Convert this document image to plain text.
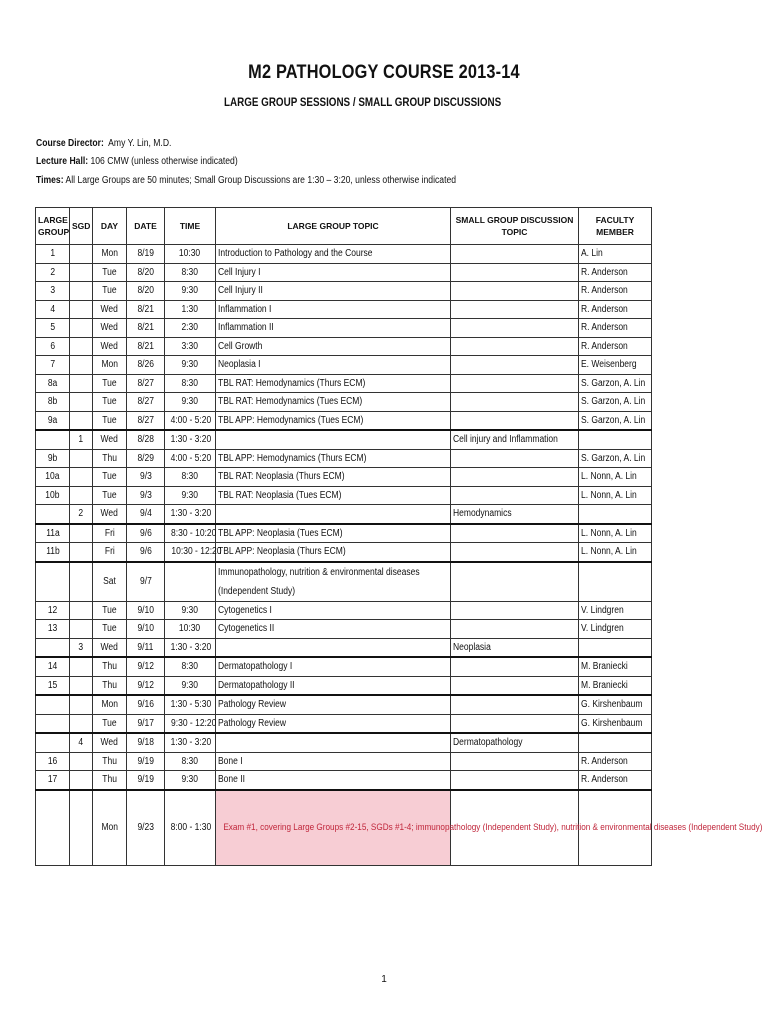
M2 PATHOLOGY COURSE 2013-14
LARGE GROUP SESSIONS / SMALL GROUP DISCUSSIONS
Course Director: Amy Y. Lin, M.D.
Lecture Hall: 106 CMW (unless otherwise indicated)
Times: All Large Groups are 50 minutes; Small Group Discussions are 1:30 – 3:20, unless otherwise indicated
LARGE GROUP	SGD	DAY	DATE	TIME	LARGE GROUP TOPIC	SMALL GROUP DISCUSSION TOPIC	FACULTY MEMBER
1		Mon	8/19	10:30	Introduction to Pathology and the Course		A. Lin
2		Tue	8/20	8:30	Cell Injury I		R. Anderson
3		Tue	8/20	9:30	Cell Injury II		R. Anderson
4		Wed	8/21	1:30	Inflammation I		R. Anderson
5		Wed	8/21	2:30	Inflammation II		R. Anderson
6		Wed	8/21	3:30	Cell Growth		R. Anderson
7		Mon	8/26	9:30	Neoplasia I		E. Weisenberg
8a		Tue	8/27	8:30	TBL RAT: Hemodynamics (Thurs ECM)		S. Garzon, A. Lin
8b		Tue	8/27	9:30	TBL RAT: Hemodynamics (Tues ECM)		S. Garzon, A. Lin
9a		Tue	8/27	4:00 - 5:20	TBL APP: Hemodynamics (Tues ECM)		S. Garzon, A. Lin
	1	Wed	8/28	1:30 - 3:20		Cell injury and Inflammation	
9b		Thu	8/29	4:00 - 5:20	TBL APP: Hemodynamics (Thurs ECM)		S. Garzon, A. Lin
10a		Tue	9/3	8:30	TBL RAT: Neoplasia (Thurs ECM)		L. Nonn, A. Lin
10b		Tue	9/3	9:30	TBL RAT: Neoplasia (Tues ECM)		L. Nonn, A. Lin
	2	Wed	9/4	1:30 - 3:20		Hemodynamics	
11a		Fri	9/6	8:30 - 10:20	TBL APP: Neoplasia (Tues ECM)		L. Nonn, A. Lin
11b		Fri	9/6	10:30 - 12:20	TBL APP: Neoplasia (Thurs ECM)		L. Nonn, A. Lin
		Sat	9/7		Immunopathology, nutrition & environmental diseases (Independent Study)		
12		Tue	9/10	9:30	Cytogenetics I		V. Lindgren
13		Tue	9/10	10:30	Cytogenetics II		V. Lindgren
	3	Wed	9/11	1:30 - 3:20		Neoplasia	
14		Thu	9/12	8:30	Dermatopathology I		M. Braniecki
15		Thu	9/12	9:30	Dermatopathology II		M. Braniecki
		Mon	9/16	1:30 - 5:30	Pathology Review		G. Kirshenbaum
		Tue	9/17	9:30 - 12:20	Pathology Review		G. Kirshenbaum
	4	Wed	9/18	1:30 - 3:20		Dermatopathology	
16		Thu	9/19	8:30	Bone I		R. Anderson
17		Thu	9/19	9:30	Bone II		R. Anderson
		Mon	9/23	8:00 - 1:30	Exam #1, covering Large Groups #2-15, SGDs #1-4; immunopathology (Independent Study), nutrition & environmental diseases (Independent Study)		
1
